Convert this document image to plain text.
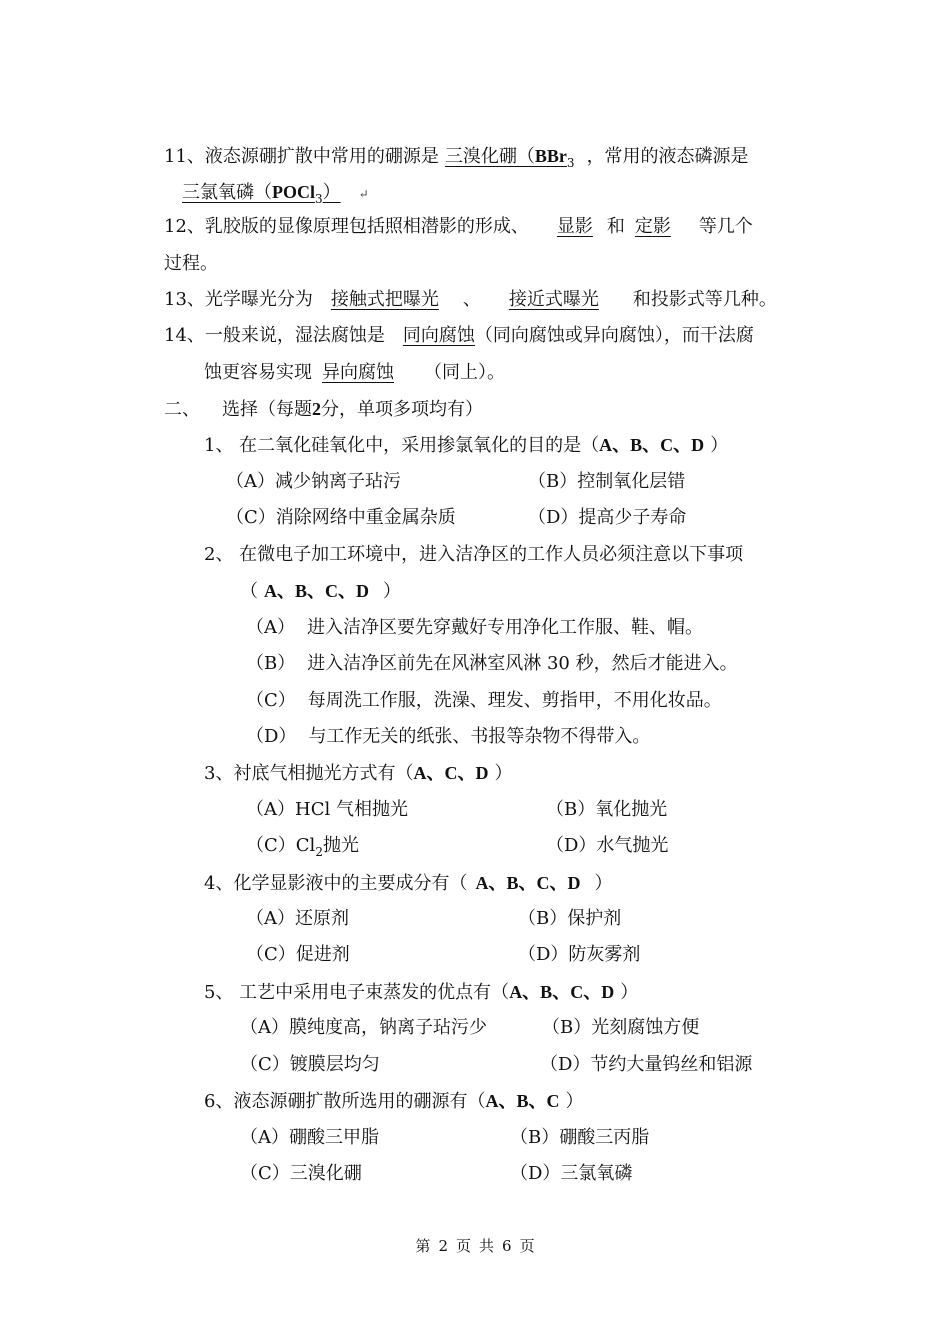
11、液态源硼扩散中常用的硼源是 三溴化硼（BBr$_3$ ，常用的液态磷源是
三氯氧磷（POCl$_3$） ↵
12、乳胶版的显像原理包括照相潜影的形成、 显影 和 定影 等几个
过程。
13、光学曝光分为 接触式把曝光 、 接近式曝光 和投影式等几种。
14、一般来说，湿法腐蚀是 同向腐蚀（同向腐蚀或异向腐蚀），而干法腐
蚀更容易实现 异向腐蚀 （同上）。
二、 选择（每题2分，单项多项均有）
1、 在二氧化硅氧化中，采用掺氯氧化的目的是（A、B、C、D ）
（A）减少钠离子玷污	（B）控制氧化层错
（C）消除网络中重金属杂质	（D）提高少子寿命
2、 在微电子加工环境中，进入洁净区的工作人员必须注意以下事项
（ A、B、C、D ）
（A） 进入洁净区要先穿戴好专用净化工作服、鞋、帽。
（B） 进入洁净区前先在风淋室风淋 30 秒，然后才能进入。
（C） 每周洗工作服，洗澡、理发、剪指甲，不用化妆品。
（D） 与工作无关的纸张、书报等杂物不得带入。
3、衬底气相抛光方式有（A、C、D ）
（A）HCl 气相抛光	（B）氧化抛光
$(C)Cl_2$抛光	（D）水气抛光
4、化学显影液中的主要成分有（ A、B、C、D ）
（A）还原剂	（B）保护剂
（C）促进剂	（D）防灰雾剂
5、 工艺中采用电子束蒸发的优点有（A、B、C、D ）
（A）膜纯度高，钠离子玷污少	（B）光刻腐蚀方便
（C）镀膜层均匀	（D）节约大量钨丝和铝源
6、液态源硼扩散所选用的硼源有（A、B、C ）
（A）硼酸三甲脂	（B）硼酸三丙脂
（C）三溴化硼	（D）三氯氧磷
第 2 页 共 6 页
